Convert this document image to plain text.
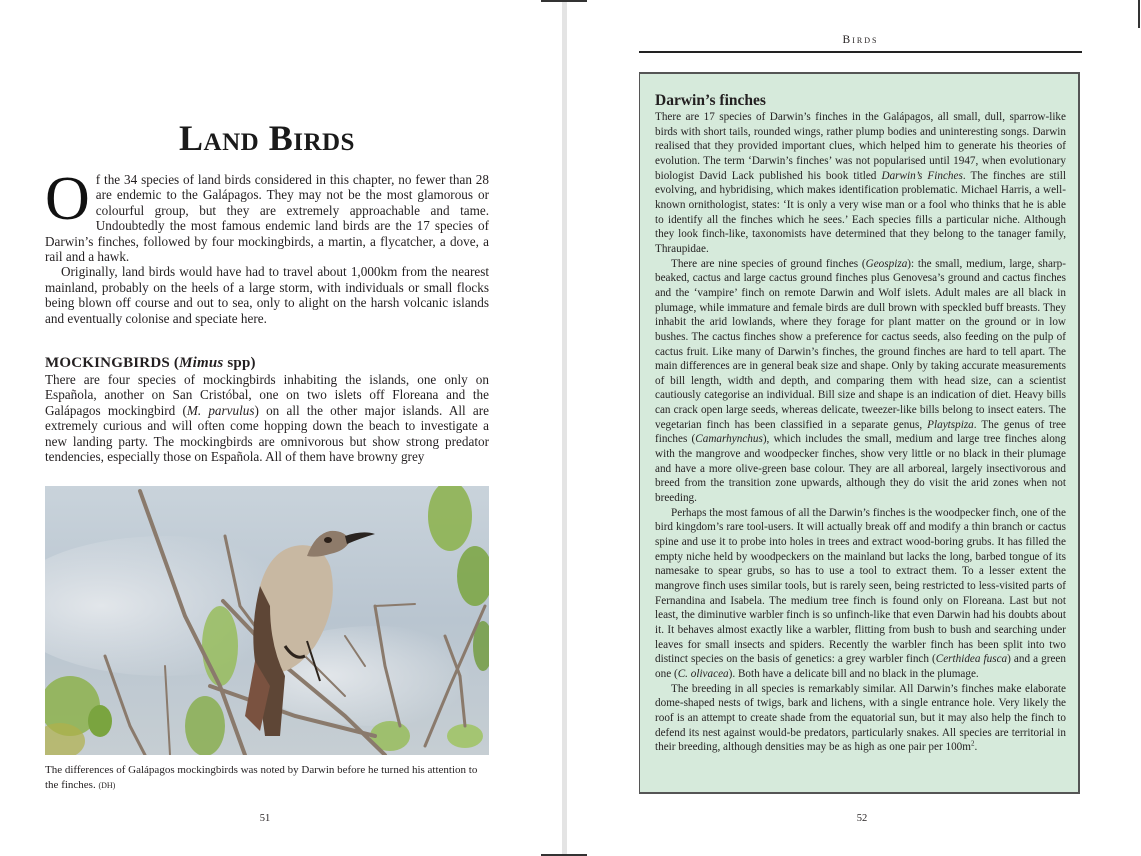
Land Birds

Of the 34 species of land birds considered in this chapter, no fewer than 28 are endemic to the Galápagos. They may not be the most glamorous or colourful group, but they are extremely approachable and tame. Undoubtedly the most famous endemic land birds are the 17 species of Darwin’s finches, followed by four mockingbirds, a martin, a flycatcher, a dove, a rail and a hawk.

Originally, land birds would have had to travel about 1,000km from the nearest mainland, probably on the heels of a large storm, with individuals or small flocks being blown off course and out to sea, only to alight on the harsh volcanic islands and eventually colonise and speciate here.

MOCKINGBIRDS (Mimus spp)

There are four species of mockingbirds inhabiting the islands, one only on Española, another on San Cristóbal, one on two islets off Floreana and the Galápagos mockingbird (M. parvulus) on all the other major islands. All are extremely curious and will often come hopping down the beach to investigate a new landing party. The mockingbirds are omnivorous but show strong predator tendencies, especially those on Española. All of them have browny grey

The differences of Galápagos mockingbirds was noted by Darwin before he turned his attention to the finches. (DH)
51
Birds
Darwin’s finches

There are 17 species of Darwin’s finches in the Galápagos, all small, dull, sparrow-like birds with short tails, rounded wings, rather plump bodies and uninteresting songs. Darwin realised that they provided important clues, which helped him to generate his theories of evolution. The term ‘Darwin’s finches’ was not popularised until 1947, when evolutionary biologist David Lack published his book titled Darwin’s Finches. The finches are still evolving, and hybridising, which makes identification problematic. Michael Harris, a well-known ornithologist, states: ‘It is only a very wise man or a fool who thinks that he is able to identify all the finches which he sees.’ Each species fills a particular niche. Although they look finch-like, taxonomists have determined that they belong to the tanager family, Thraupidae.

There are nine species of ground finches (Geospiza): the small, medium, large, sharp-beaked, cactus and large cactus ground finches plus Genovesa’s ground and cactus finches and the ‘vampire’ finch on remote Darwin and Wolf islets. Adult males are all black in plumage, while immature and female birds are dull brown with speckled buff breasts. They inhabit the arid lowlands, where they forage for plant matter on the ground or in low bushes. The cactus finches show a preference for cactus seeds, also feeding on the pulp of cactus fruit. Like many of Darwin’s finches, the ground finches are hard to tell apart. The main differences are in general beak size and shape. Only by taking accurate measurements of bill length, width and depth, and comparing them with head size, can a scientist cautiously categorise an individual. Bill size and shape is an indication of diet. Heavy bills can crack open large seeds, whereas delicate, tweezer-like bills belong to insect eaters. The vegetarian finch has been classified in a separate genus, Playtspiza. The genus of tree finches (Camarhynchus), which includes the small, medium and large tree finches along with the mangrove and woodpecker finches, show very little or no black in their plumage and have a more olive-green base colour. They are all arboreal, largely insectivorous and breed from the transition zone upwards, although they do visit the arid zones when not breeding.

Perhaps the most famous of all the Darwin’s finches is the woodpecker finch, one of the bird kingdom’s rare tool-users. It will actually break off and modify a thin branch or cactus spine and use it to probe into holes in trees and extract wood-boring grubs. It has filled the empty niche held by woodpeckers on the mainland but lacks the long, barbed tongue of its namesake to spear grubs, so has to use a tool to extract them. To a lesser extent the mangrove finch uses similar tools, but is rarely seen, being restricted to less-visited parts of Fernandina and Isabela. The medium tree finch is found only on Floreana. Last but not least, the diminutive warbler finch is so unfinch-like that even Darwin had his doubts about it. It behaves almost exactly like a warbler, flitting from bush to bush and searching under leaves for small insects and spiders. Recently the warbler finch has been split into two distinct species on the basis of genetics: a grey warbler finch (Certhidea fusca) and a green one (C. olivacea). Both have a delicate bill and no black in the plumage.

The breeding in all species is remarkably similar. All Darwin’s finches make elaborate dome-shaped nests of twigs, bark and lichens, with a single entrance hole. Very likely the roof is an attempt to create shade from the equatorial sun, but it may also help the finch to defend its nest against would-be predators, particularly snakes. All species are territorial in their breeding, although densities may be as high as one pair per $100m^2$.

52
